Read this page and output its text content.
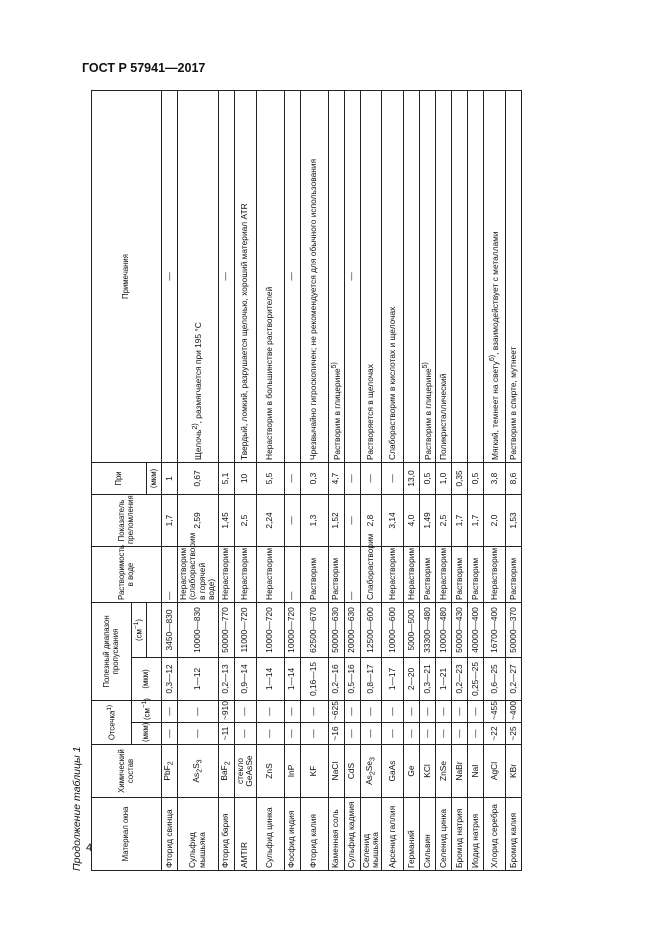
ГОСТ Р 57941—2017
4
Продолжение таблицы 1	Материал окна	Химический состав	Отсечка$^{1)}$		Полезный диапазон пропускания		Растворимость в воде	Показатель преломления	При	Примечания
		(мкм)	$(см^{-1})$	(мкм)	$(см^{-1})$				
								(мкм)	
Фторид свинца	PbF$_2$	—	—	0,3—12	3450—830	—	1,7	1	—
Сульфид мышьяка	$As_2S_3$	—	—	1—12	10000—830	Нерастворим (слаборастворим в горячей воде)	2,59	0,67	Щелочь$^{2)}$, размягчается при 195 °С
Фторид бария	BaF$_2$	~11	~910	0,2—13	50000—770	Нерастворим	1,45	5,1	—
AMTIR	стекло GeAsSe	—	—	0,9—14	11000—720	Нерастворим	2,5	10	Твердый, ломкий, разрушается щелочью, хороший материал ATR
Сульфид цинка	ZnS	—	—	1—14	10000—720	Нерастворим	2,24	5,5	Нерастворим в большинстве растворителей
Фосфид индия	InP	—	—	1—14	10000—720	—	—	—	—
Фторид калия	KF	—	—	0,16—15	62500—670	Растворим	1,3	0,3	Чрезвычайно гигроскопичен; не рекомендуется для обычного использования
Каменная соль	NaCl	~16	~625	0,2—16	50000—630	Растворим	1,52	4,7	Растворим в глицерине$^{5)}$
Сульфид кадмия	CdS	—	—	0,5—16	20000—630	—	—	—	—
Селенид мышьяка	$As_2Se_3$	—	—	0,8—17	12500—600	Слаборастворим	2,8	—	Растворяется в щелочах
Арсенид галлия	GaAs	—	—	1—17	10000—600	Нерастворим	3,14	—	Слаборастворим в кислотах и щелочах
Германий	Ge	—	—	2—20	5000—500	Нерастворим	4,0	13,0	
Сильвин	KCl	—	—	0,3—21	33300—480	Растворим	1,49	0,5	Растворим в глицерине$^{5)}$
Селенид цинка	ZnSe	—	—	1—21	10000—480	Нерастворим	2,5	1,0	Поликристаллический
Бромид натрия	NaBr	—	—	0,2—23	50000—430	Растворим	1,7	0,35	
Иодид натрия	NaI	—	—	0,25—25	40000—400	Растворим	1,7	0,5	
Хлорид серебра	AgCl	~22	~455	0,6—25	16700—400	Нерастворим	2,0	3,8	Мягкий, темнеет на свету$^{6)}$, взаимодействует с металлами
Бромид калия	KBr	~25	~400	0,2—27	50000—370	Растворим	1,53	8,6	Растворим в спирте, мутнеет
